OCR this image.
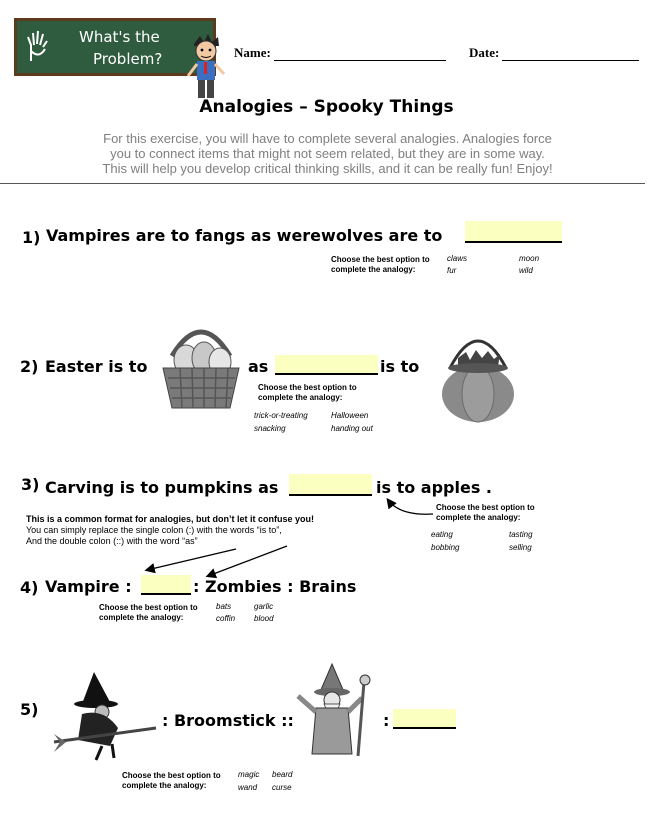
What's the
Problem?	Name:	Date:
Analogies – Spooky Things
For this exercise, you will have to complete several analogies. Analogies force
you to connect items that might not seem related, but they are in some way.
This will help you develop critical thinking skills, and it can be really fun! Enjoy!
1) Vampires are to fangs as werewolves are to
Choose the best option to
complete the analogy:
claws	moon
fur	wild
2) Easter is to	as	is to
Choose the best option to
complete the analogy:
trick-or-treating	Halloween
snacking	handing out
3) Carving is to pumpkins as	is to apples .
Choose the best option to
complete the analogy:
eating	tasting
bobbing	selling
This is a common format for analogies, but don’t let it confuse you!
You can simply replace the single colon (:) with the words “is to”,
And the double colon (::) with the word “as”
4) Vampire :	: Zombies : Brains
Choose the best option to
complete the analogy:
bats	garlic
coffin blood
5)
: Broomstick ::	:
Choose the best option to
complete the analogy:
magic beard
wand curse
